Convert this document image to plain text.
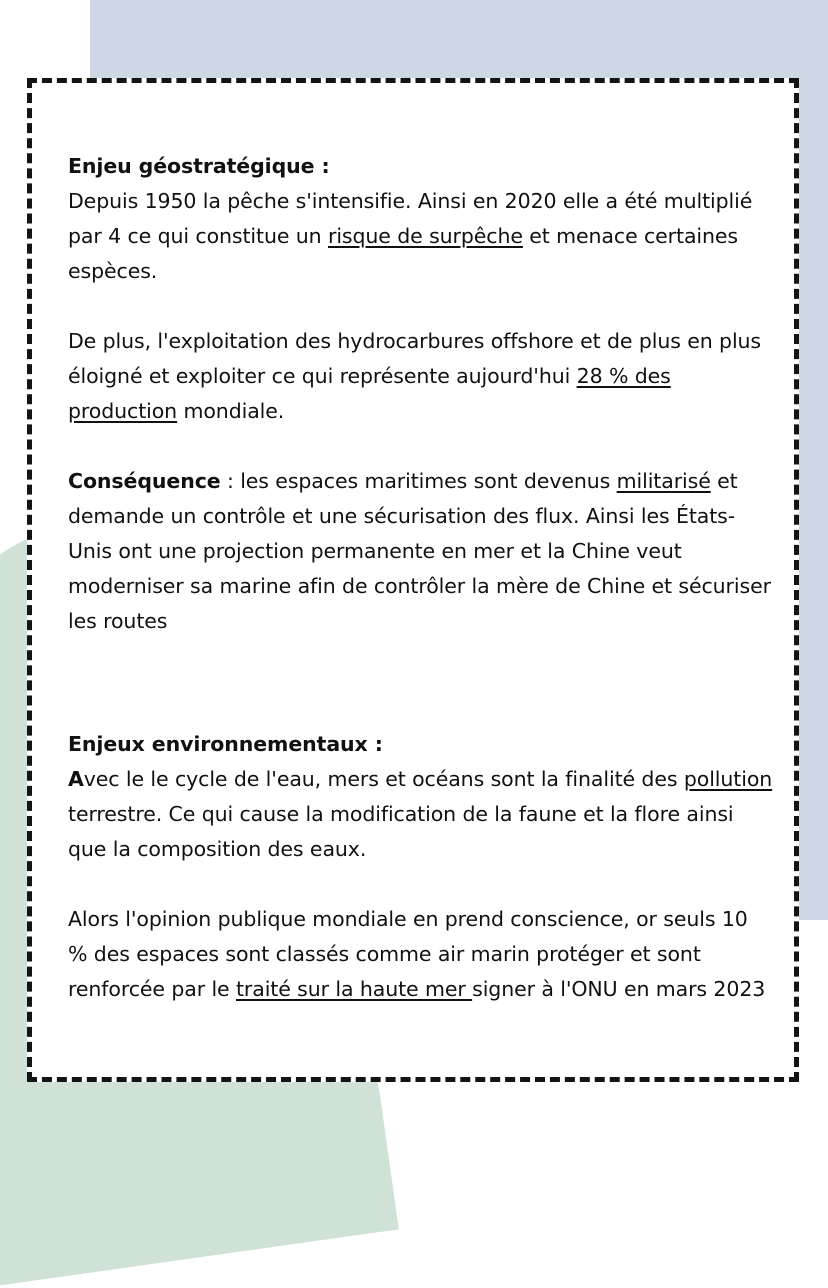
Enjeu géostratégique :

Depuis 1950 la pêche s'intensifie. Ainsi en 2020 elle a été multiplié par 4 ce qui constitue un risque de surpêche et menace certaines espèces.

De plus, l'exploitation des hydrocarbures offshore et de plus en plus éloigné et exploiter ce qui représente aujourd'hui 28 % des production mondiale.

Conséquence : les espaces maritimes sont devenus militarisé et demande un contrôle et une sécurisation des flux. Ainsi les États-Unis ont une projection permanente en mer et la Chine veut moderniser sa marine afin de contrôler la mère de Chine et sécuriser les routes

Enjeux environnementaux :

Avec le le cycle de l'eau, mers et océans sont la finalité des pollution terrestre. Ce qui cause la modification de la faune et la flore ainsi que la composition des eaux.

Alors l'opinion publique mondiale en prend conscience, or seuls 10 % des espaces sont classés comme air marin protéger et sont renforcée par le traité sur la haute mer signer à l'ONU en mars 2023
